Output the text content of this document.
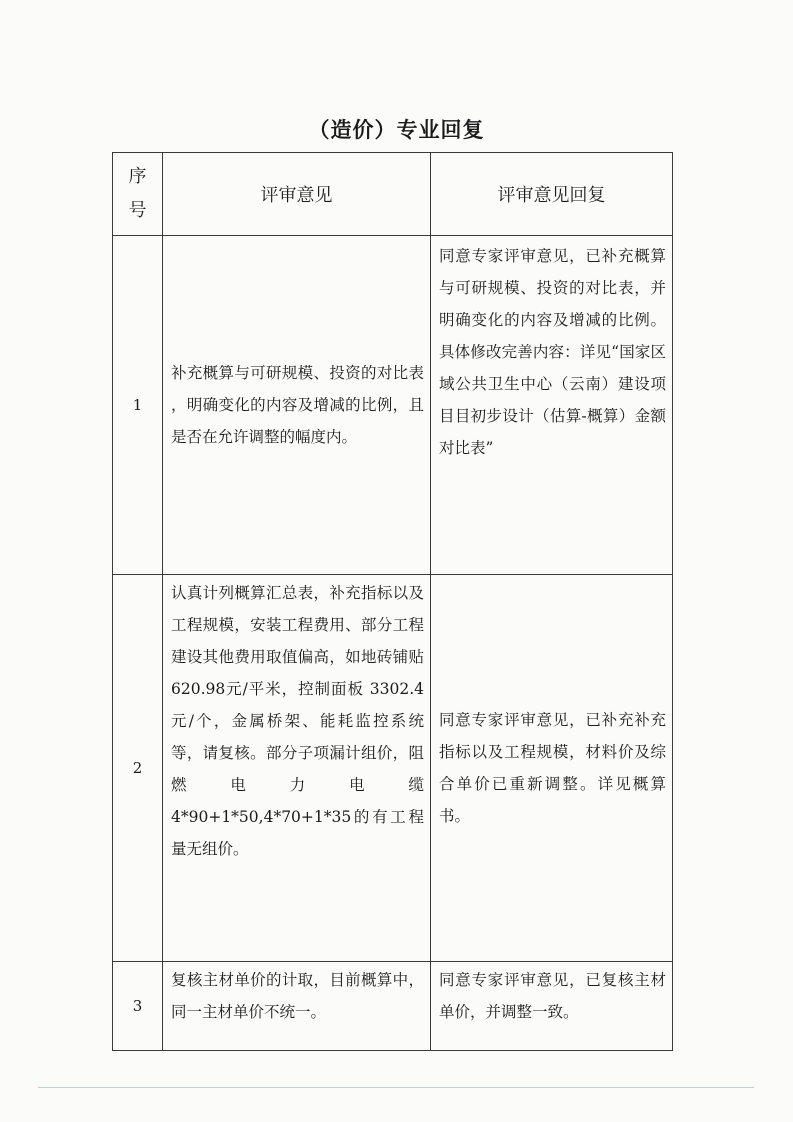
（造价）专业回复
序
号	评审意见	评审意见回复
1	补充概算与可研规模、投资的对比表 ，明确变化的内容及增减的比例，且是否在允许调整的幅度内。	同意专家评审意见，已补充概算与可研规模、投资的对比表，并明确变化的内容及增减的比例。具体修改完善内容：详见“国家区域公共卫生中心（云南）建设项目目初步设计（估算-概算）金额对比表”
2	认真计列概算汇总表，补充指标以及工程规模，安装工程费用、部分工程建设其他费用取值偏高，如地砖铺贴620.98元/平米，控制面板 3302.4元/个，金属桥架、能耗监控系统等，请复核。部分子项漏计组价，阻燃电力电缆4*90+1*50,4*70+1*35的有工程量无组价。	同意专家评审意见，已补充补充指标以及工程规模，材料价及综合单价已重新调整。详见概算书。
3	复核主材单价的计取，目前概算中，同一主材单价不统一。	同意专家评审意见，已复核主材单价，并调整一致。
